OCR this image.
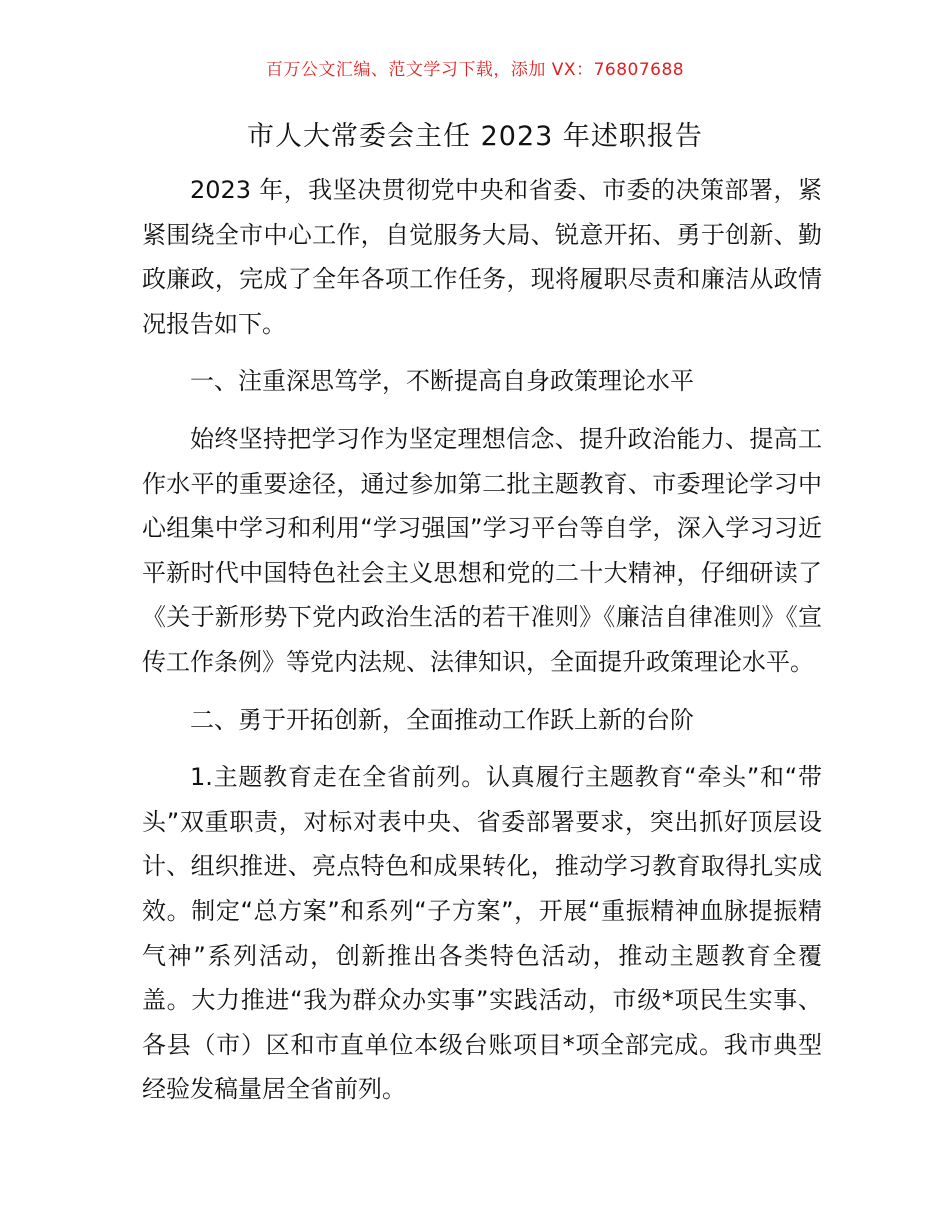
百万公文汇编、范文学习下载，添加 VX：76807688
市人大常委会主任 2023 年述职报告

2023 年，我坚决贯彻党中央和省委、市委的决策部署，紧紧围绕全市中心工作，自觉服务大局、锐意开拓、勇于创新、勤政廉政，完成了全年各项工作任务，现将履职尽责和廉洁从政情况报告如下。

一、注重深思笃学，不断提高自身政策理论水平

始终坚持把学习作为坚定理想信念、提升政治能力、提高工作水平的重要途径，通过参加第二批主题教育、市委理论学习中心组集中学习和利用“学习强国”学习平台等自学，深入学习习近平新时代中国特色社会主义思想和党的二十大精神，仔细研读了《关于新形势下党内政治生活的若干准则》《廉洁自律准则》《宣传工作条例》等党内法规、法律知识，全面提升政策理论水平。

二、勇于开拓创新，全面推动工作跃上新的台阶

1.主题教育走在全省前列。认真履行主题教育“牵头”和“带头”双重职责，对标对表中央、省委部署要求，突出抓好顶层设计、组织推进、亮点特色和成果转化，推动学习教育取得扎实成效。制定“总方案”和系列“子方案”，开展“重振精神血脉提振精气神”系列活动，创新推出各类特色活动，推动主题教育全覆盖。大力推进“我为群众办实事”实践活动，市级*项民生实事、各县（市）区和市直单位本级台账项目*项全部完成。我市典型经验发稿量居全省前列。
